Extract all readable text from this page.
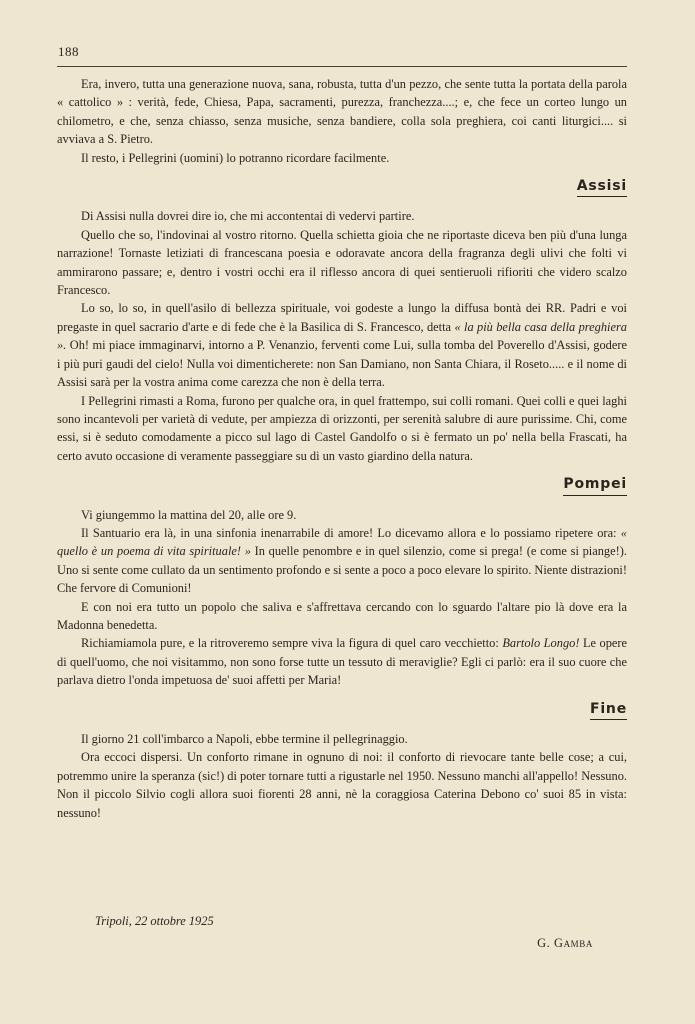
188

Era, invero, tutta una generazione nuova, sana, robusta, tutta d'un pezzo, che sente tutta la portata della parola « cattolico » : verità, fede, Chiesa, Papa, sacramenti, purezza, franchezza....; e, che fece un corteo lungo un chilometro, e che, senza chiasso, senza musiche, senza bandiere, colla sola preghiera, coi canti liturgici.... si avviava a S. Pietro.

Il resto, i Pellegrini (uomini) lo potranno ricordare facilmente.

Assisi

Di Assisi nulla dovrei dire io, che mi accontentai di vedervi partire.

Quello che so, l'indovinai al vostro ritorno. Quella schietta gioia che ne riportaste diceva ben più d'una lunga narrazione! Tornaste letiziati di francescana poesia e odoravate ancora della fragranza degli ulivi che folti vi ammirarono passare; e, dentro i vostri occhi era il riflesso ancora di quei sentieruoli rifioriti che videro scalzo Francesco.

Lo so, lo so, in quell'asilo di bellezza spirituale, voi godeste a lungo la diffusa bontà dei RR. Padri e voi pregaste in quel sacrario d'arte e di fede che è la Basilica di S. Francesco, detta « la più bella casa della preghiera ». Oh! mi piace immaginarvi, intorno a P. Venanzio, ferventi come Lui, sulla tomba del Poverello d'Assisi, godere i più puri gaudi del cielo! Nulla voi dimenticherete: non San Damiano, non Santa Chiara, il Roseto..... e il nome di Assisi sarà per la vostra anima come carezza che non è della terra.

I Pellegrini rimasti a Roma, furono per qualche ora, in quel frattempo, sui colli romani. Quei colli e quei laghi sono incantevoli per varietà di vedute, per ampiezza di orizzonti, per serenità salubre di aure purissime. Chi, come essi, si è seduto comodamente a picco sul lago di Castel Gandolfo o si è fermato un po' nella bella Frascati, ha certo avuto occasione di veramente passeggiare su di un vasto giardino della natura.

Pompei

Vi giungemmo la mattina del 20, alle ore 9.

Il Santuario era là, in una sinfonia inenarrabile di amore! Lo dicevamo allora e lo possiamo ripetere ora: « quello è un poema di vita spirituale! » In quelle penombre e in quel silenzio, come si prega! (e come si piange!). Uno si sente come cullato da un sentimento profondo e si sente a poco a poco elevare lo spirito. Niente distrazioni! Che fervore di Comunioni!

E con noi era tutto un popolo che saliva e s'affrettava cercando con lo sguardo l'altare pio là dove era la Madonna benedetta.

Richiamiamola pure, e la ritroveremo sempre viva la figura di quel caro vecchietto: Bartolo Longo! Le opere di quell'uomo, che noi visitammo, non sono forse tutte un tessuto di meraviglie? Egli ci parlò: era il suo cuore che parlava dietro l'onda impetuosa de' suoi affetti per Maria!

Fine

Il giorno 21 coll'imbarco a Napoli, ebbe termine il pellegrinaggio.

Ora eccoci dispersi. Un conforto rimane in ognuno di noi: il conforto di rievocare tante belle cose; a cui, potremmo unire la speranza (sic!) di poter tornare tutti a rigustarle nel 1950. Nessuno manchi all'appello! Nessuno. Non il piccolo Silvio cogli allora suoi fiorenti 28 anni, nè la coraggiosa Caterina Debono co' suoi 85 in vista: nessuno!

Tripoli, 22 ottobre 1925
G. Gamba
